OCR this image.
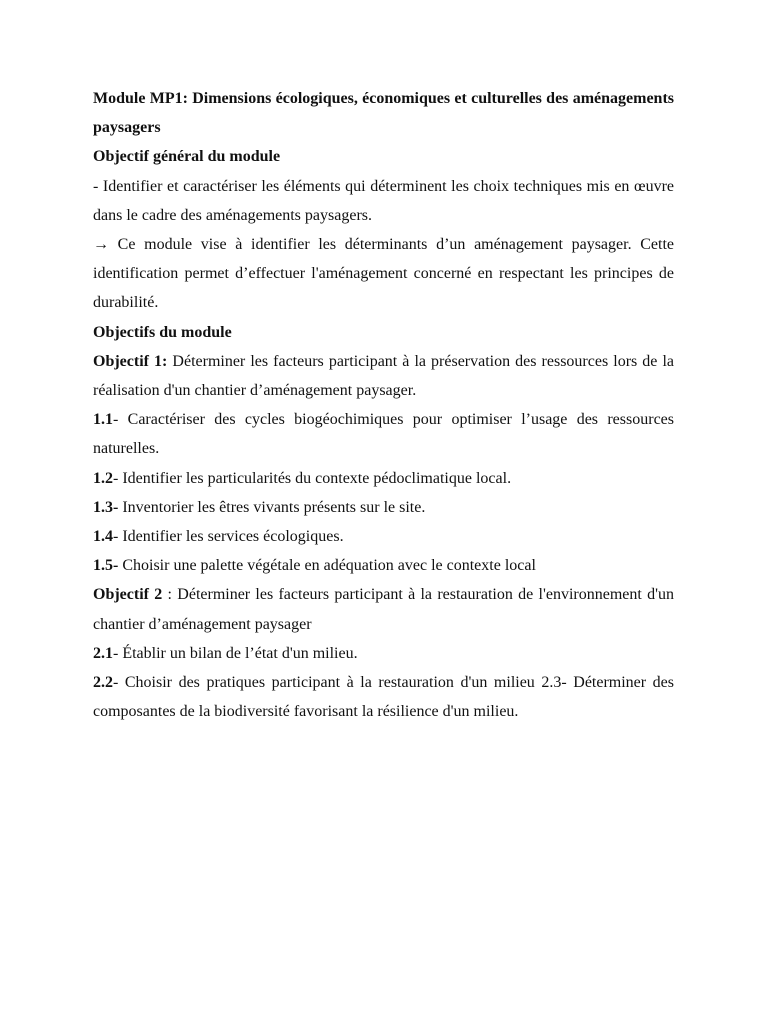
Module MP1: Dimensions écologiques, économiques et culturelles des aménagements paysagers

Objectif général du module

- Identifier et caractériser les éléments qui déterminent les choix techniques mis en œuvre dans le cadre des aménagements paysagers.

→ Ce module vise à identifier les déterminants d’un aménagement paysager. Cette identification permet d’effectuer l'aménagement concerné en respectant les principes de durabilité.

Objectifs du module

Objectif 1: Déterminer les facteurs participant à la préservation des ressources lors de la réalisation d'un chantier d’aménagement paysager.

1.1- Caractériser des cycles biogéochimiques pour optimiser l’usage des ressources naturelles.

1.2- Identifier les particularités du contexte pédoclimatique local.

1.3- Inventorier les êtres vivants présents sur le site.

1.4- Identifier les services écologiques.

1.5- Choisir une palette végétale en adéquation avec le contexte local

Objectif 2 : Déterminer les facteurs participant à la restauration de l'environnement d'un chantier d’aménagement paysager

2.1- Établir un bilan de l’état d'un milieu.

2.2- Choisir des pratiques participant à la restauration d'un milieu 2.3- Déterminer des composantes de la biodiversité favorisant la résilience d'un milieu.
